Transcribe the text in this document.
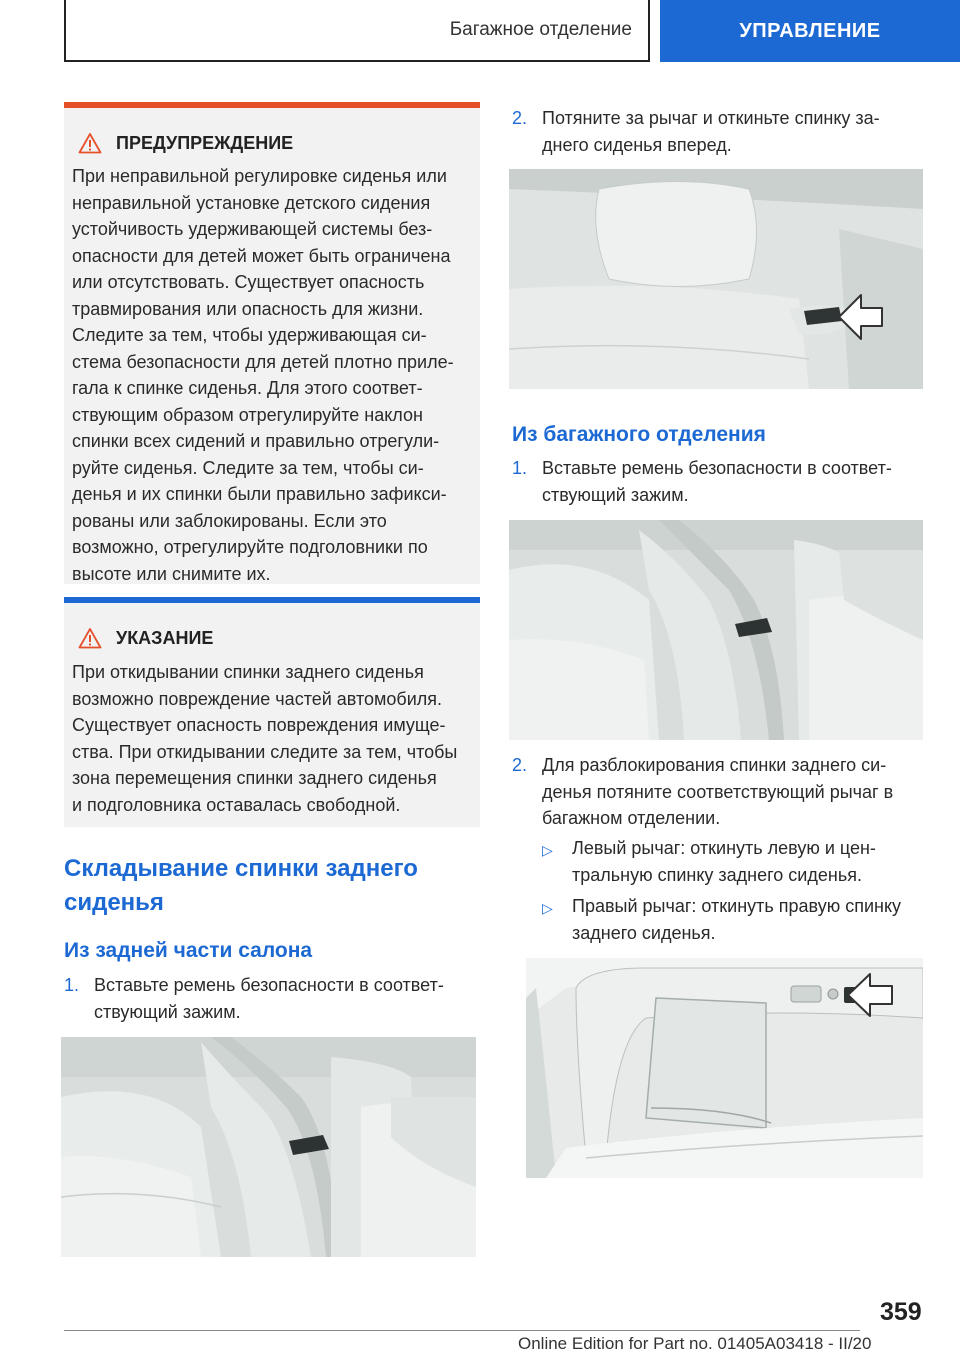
Багажное отделение	УПРАВЛЕНИЕ
ПРЕДУПРЕЖДЕНИЕ
При неправильной регулировке сиденья или
неправильной установке детского сидения
устойчивость удерживающей системы без-
опасности для детей может быть ограничена
или отсутствовать. Существует опасность
травмирования или опасность для жизни.
Следите за тем, чтобы удерживающая си-
стема безопасности для детей плотно приле-
гала к спинке сиденья. Для этого соответ-
ствующим образом отрегулируйте наклон
спинки всех сидений и правильно отрегули-
руйте сиденья. Следите за тем, чтобы си-
денья и их спинки были правильно зафикси-
рованы или заблокированы. Если это
возможно, отрегулируйте подголовники по
высоте или снимите их.
УКАЗАНИЕ
При откидывании спинки заднего сиденья
возможно повреждение частей автомобиля.
Существует опасность повреждения имуще-
ства. При откидывании следите за тем, чтобы
зона перемещения спинки заднего сиденья
и подголовника оставалась свободной.
Складывание спинки заднего
сиденья
Из задней части салона
1. Вставьте ремень безопасности в соответ-
ствующий зажим.
2. Потяните за рычаг и откиньте спинку за-
днего сиденья вперед.
Из багажного отделения
1. Вставьте ремень безопасности в соответ-
ствующий зажим.
2. Для разблокирования спинки заднего си-
денья потяните соответствующий рычаг в
багажном отделении.
▷ Левый рычаг: откинуть левую и цен-
тральную спинку заднего сиденья.
▷ Правый рычаг: откинуть правую спинку
заднего сиденья.
359
Online Edition for Part no. 01405A03418 - II/20
